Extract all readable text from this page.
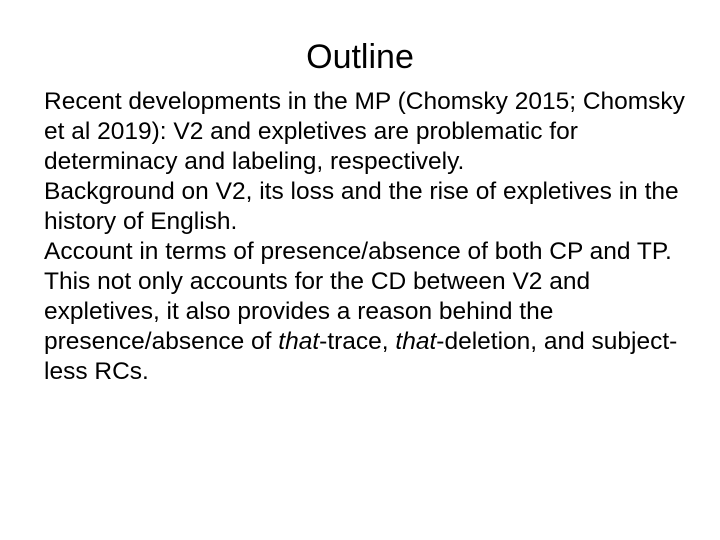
Outline

Recent developments in the MP (Chomsky 2015; Chomsky et al 2019): V2 and expletives are problematic for determinacy and labeling, respectively.

Background on V2, its loss and the rise of expletives in the history of English.

Account in terms of presence/absence of both CP and TP. This not only accounts for the CD between V2 and expletives, it also provides a reason behind the presence/absence of that-trace, that-deletion, and subject-less RCs.
